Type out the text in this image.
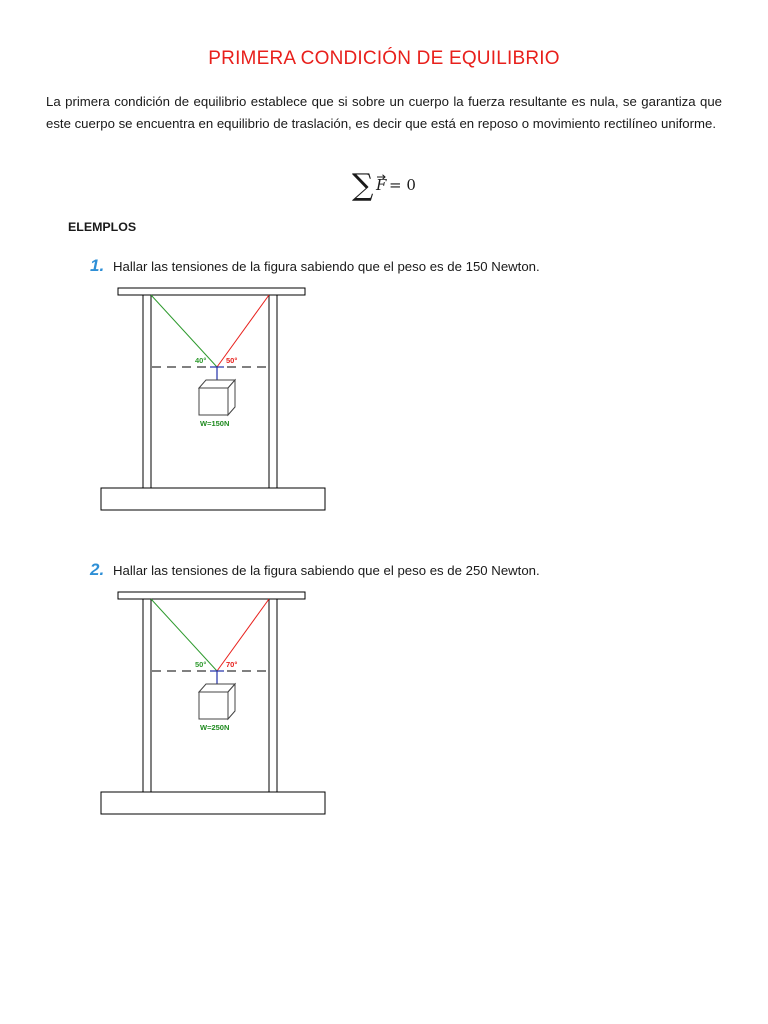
PRIMERA CONDICIÓN DE EQUILIBRIO

La primera condición de equilibrio establece que si sobre un cuerpo la fuerza resultante es nula, se garantiza que este cuerpo se encuentra en equilibrio de traslación, es decir que está en reposo o movimiento rectilíneo uniforme.

∑ F = 0
ELEMPLOS
1. Hallar las tensiones de la figura sabiendo que el peso es de 150 Newton.
40°	50°
W=150N
2. Hallar las tensiones de la figura sabiendo que el peso es de 250 Newton.
50°	70°
W=250N
